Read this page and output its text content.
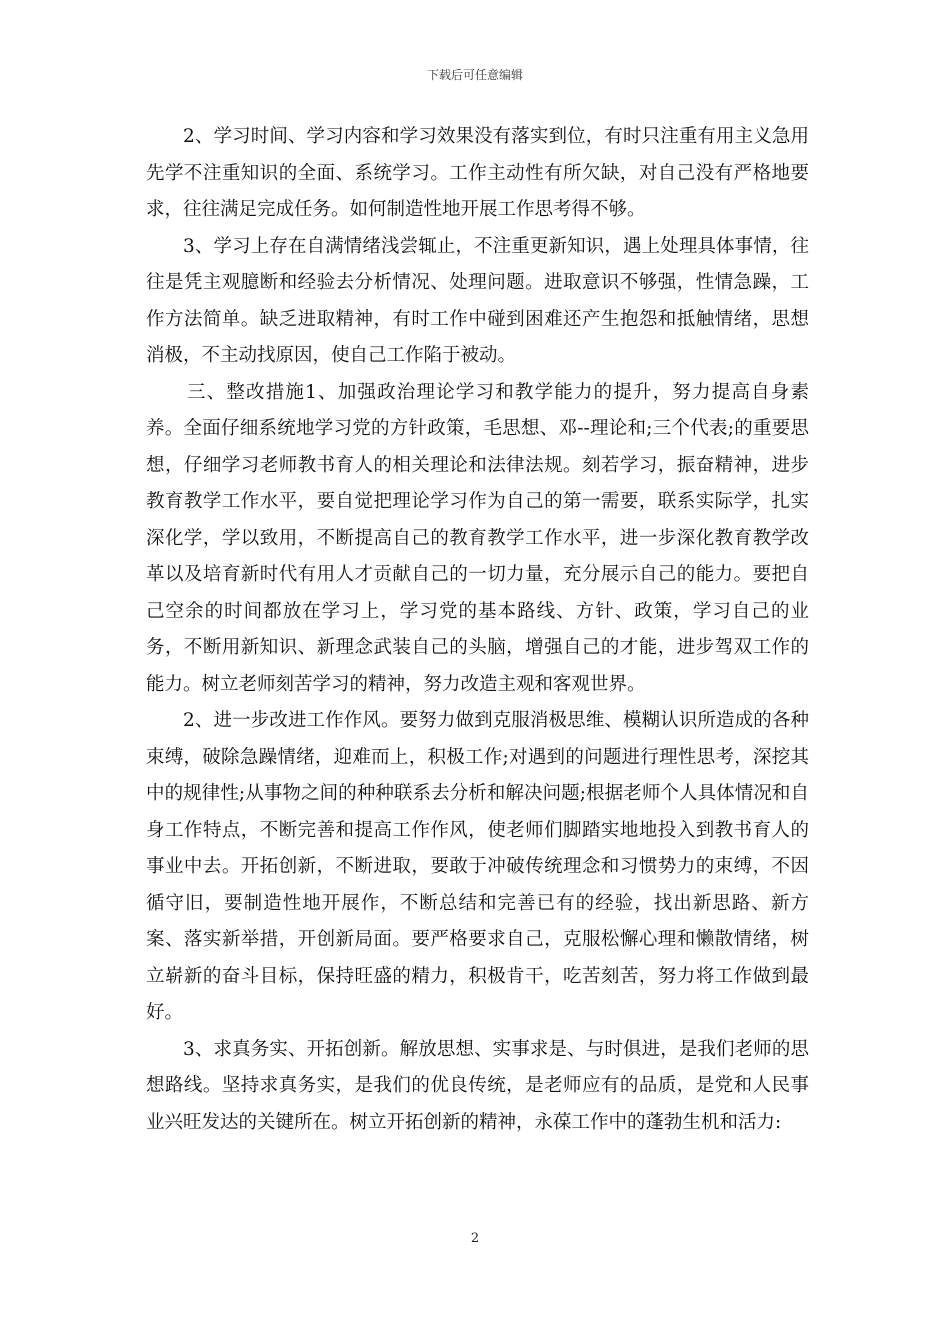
下载后可任意编辑

2、学习时间、学习内容和学习效果没有落实到位，有时只注重有用主义急用先学不注重知识的全面、系统学习。工作主动性有所欠缺，对自己没有严格地要求，往往满足完成任务。如何制造性地开展工作思考得不够。

3、学习上存在自满情绪浅尝辄止，不注重更新知识，遇上处理具体事情，往往是凭主观臆断和经验去分析情况、处理问题。进取意识不够强，性情急躁，工作方法简单。缺乏进取精神，有时工作中碰到困难还产生抱怨和抵触情绪，思想消极，不主动找原因，使自己工作陷于被动。

三、整改措施1、加强政治理论学习和教学能力的提升，努力提高自身素养。全面仔细系统地学习党的方针政策，毛思想、邓--理论和;三个代表;的重要思想，仔细学习老师教书育人的相关理论和法律法规。刻若学习，振奋精神，进步教育教学工作水平，要自觉把理论学习作为自己的第一需要，联系实际学，扎实深化学，学以致用，不断提高自己的教育教学工作水平，进一步深化教育教学改革以及培育新时代有用人才贡献自己的一切力量，充分展示自己的能力。要把自己空余的时间都放在学习上，学习党的基本路线、方针、政策，学习自己的业务，不断用新知识、新理念武装自己的头脑，增强自己的才能，进步驾双工作的能力。树立老师刻苦学习的精神，努力改造主观和客观世界。

2、进一步改进工作作风。要努力做到克服消极思维、模糊认识所造成的各种束缚，破除急躁情绪，迎难而上，积极工作;对遇到的问题进行理性思考，深挖其中的规律性;从事物之间的种种联系去分析和解决问题;根据老师个人具体情况和自身工作特点，不断完善和提高工作作风，使老师们脚踏实地地投入到教书育人的事业中去。开拓创新，不断进取，要敢于冲破传统理念和习惯势力的束缚，不因循守旧，要制造性地开展作，不断总结和完善已有的经验，找出新思路、新方案、落实新举措，开创新局面。要严格要求自己，克服松懈心理和懒散情绪，树立崭新的奋斗目标，保持旺盛的精力，积极肯干，吃苦刻苦，努力将工作做到最好。

3、求真务实、开拓创新。解放思想、实事求是、与时俱进，是我们老师的思想路线。坚持求真务实，是我们的优良传统，是老师应有的品质，是党和人民事业兴旺发达的关键所在。树立开拓创新的精神，永葆工作中的蓬勃生机和活力:

2
